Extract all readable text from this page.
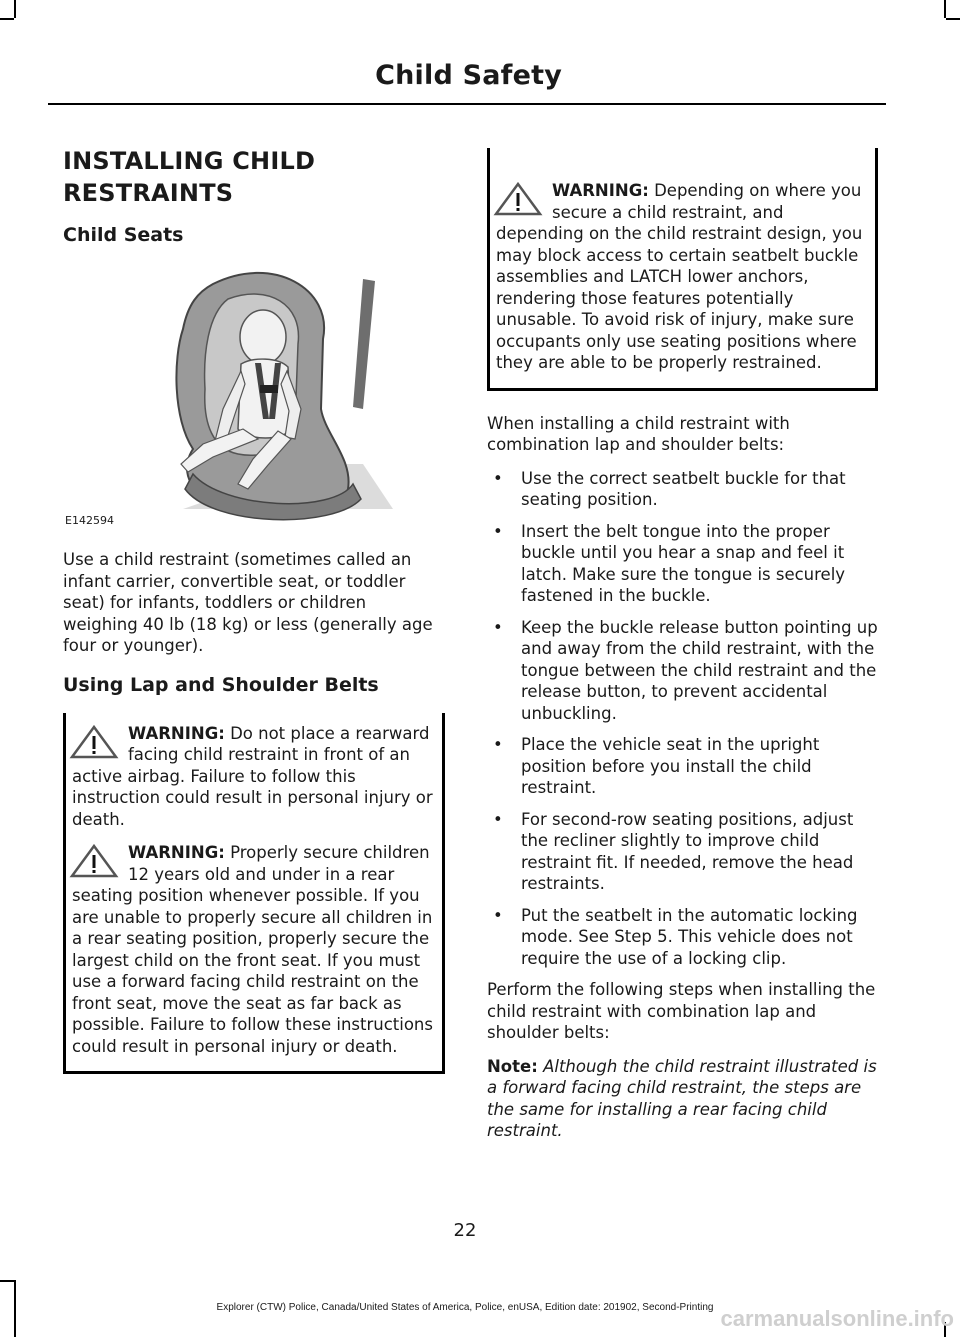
Child Safety
INSTALLING CHILD RESTRAINTS
Child Seats
E142594

Use a child restraint (sometimes called an infant carrier, convertible seat, or toddler seat) for infants, toddlers or children weighing 40 lb (18 kg) or less (generally age four or younger).

Using Lap and Shoulder Belts
WARNING: Do not place a rearward facing child restraint in front of an active airbag. Failure to follow this instruction could result in personal injury or death.
WARNING: Properly secure children 12 years old and under in a rear seating position whenever possible. If you are unable to properly secure all children in a rear seating position, properly secure the largest child on the front seat. If you must use a forward facing child restraint on the front seat, move the seat as far back as possible. Failure to follow these instructions could result in personal injury or death.
WARNING: Depending on where you secure a child restraint, and depending on the child restraint design, you may block access to certain seatbelt buckle assemblies and LATCH lower anchors, rendering those features potentially unusable. To avoid risk of injury, make sure occupants only use seating positions where they are able to be properly restrained.

When installing a child restraint with combination lap and shoulder belts:

• Use the correct seatbelt buckle for that seating position.
• Insert the belt tongue into the proper buckle until you hear a snap and feel it latch. Make sure the tongue is securely fastened in the buckle.
• Keep the buckle release button pointing up and away from the child restraint, with the tongue between the child restraint and the release button, to prevent accidental unbuckling.
• Place the vehicle seat in the upright position before you install the child restraint.
• For second-row seating positions, adjust the recliner slightly to improve child restraint fit. If needed, remove the head restraints.
• Put the seatbelt in the automatic locking mode. See Step 5. This vehicle does not require the use of a locking clip.

Perform the following steps when installing the child restraint with combination lap and shoulder belts:

Note: Although the child restraint illustrated is a forward facing child restraint, the steps are the same for installing a rear facing child restraint.

22
Explorer (CTW) Police, Canada/United States of America, Police, enUSA, Edition date: 201902, Second-Printing carmanualsonline.info
